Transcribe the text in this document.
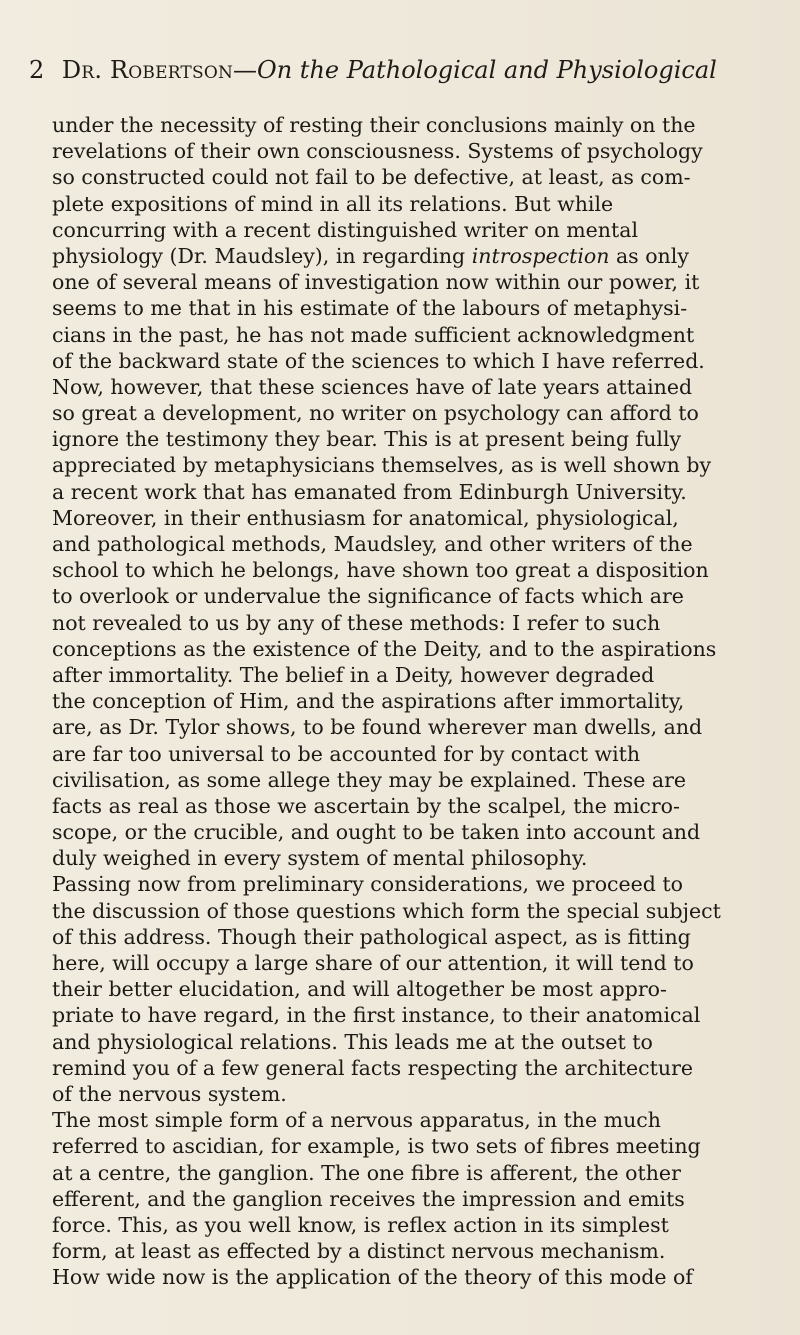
2 Dr. Robertson—On the Pathological and Physiological
under the necessity of resting their conclusions mainly on the
revelations of their own consciousness. Systems of psychology
so constructed could not fail to be defective, at least, as com-
plete expositions of mind in all its relations. But while
concurring with a recent distinguished writer on mental
physiology (Dr. Maudsley), in regarding introspection as only
one of several means of investigation now within our power, it
seems to me that in his estimate of the labours of metaphysi-
cians in the past, he has not made sufficient acknowledgment
of the backward state of the sciences to which I have referred.
Now, however, that these sciences have of late years attained
so great a development, no writer on psychology can afford to
ignore the testimony they bear. This is at present being fully
appreciated by metaphysicians themselves, as is well shown by
a recent work that has emanated from Edinburgh University.
Moreover, in their enthusiasm for anatomical, physiological,
and pathological methods, Maudsley, and other writers of the
school to which he belongs, have shown too great a disposition
to overlook or undervalue the significance of facts which are
not revealed to us by any of these methods: I refer to such
conceptions as the existence of the Deity, and to the aspirations
after immortality. The belief in a Deity, however degraded
the conception of Him, and the aspirations after immortality,
are, as Dr. Tylor shows, to be found wherever man dwells, and
are far too universal to be accounted for by contact with
civilisation, as some allege they may be explained. These are
facts as real as those we ascertain by the scalpel, the micro-
scope, or the crucible, and ought to be taken into account and
duly weighed in every system of mental philosophy.
Passing now from preliminary considerations, we proceed to
the discussion of those questions which form the special subject
of this address. Though their pathological aspect, as is fitting
here, will occupy a large share of our attention, it will tend to
their better elucidation, and will altogether be most appro-
priate to have regard, in the first instance, to their anatomical
and physiological relations. This leads me at the outset to
remind you of a few general facts respecting the architecture
of the nervous system.
The most simple form of a nervous apparatus, in the much
referred to ascidian, for example, is two sets of fibres meeting
at a centre, the ganglion. The one fibre is afferent, the other
efferent, and the ganglion receives the impression and emits
force. This, as you well know, is reflex action in its simplest
form, at least as effected by a distinct nervous mechanism.
How wide now is the application of the theory of this mode of
